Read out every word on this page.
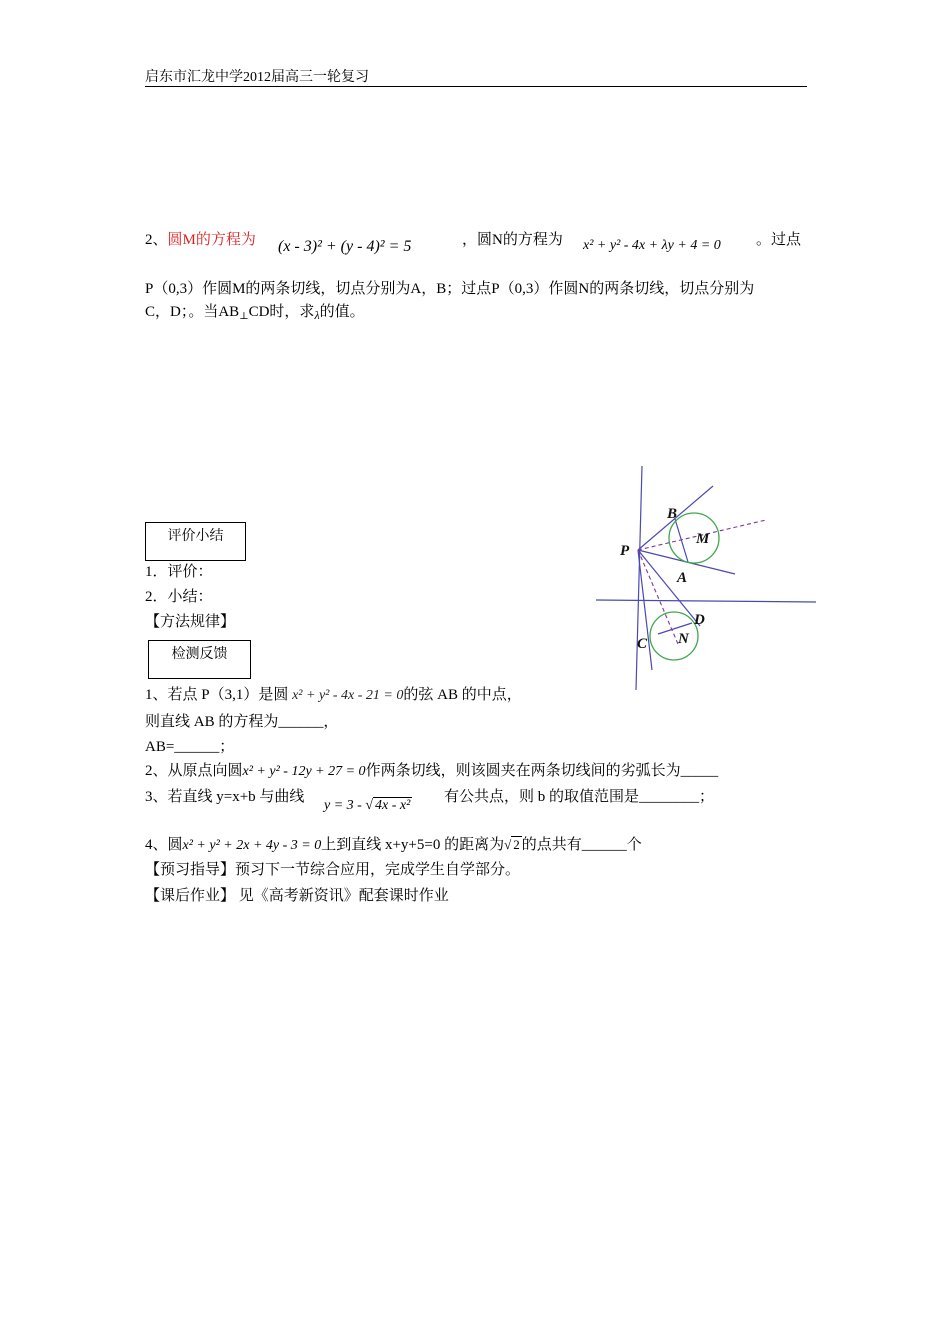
启东市汇龙中学2012届高三一轮复习
2、圆M的方程为 (x - 3)² + (y - 4)² = 5	，圆N的方程为 x² + y² - 4x + λy + 4 = 0 。过点
P（0,3）作圆M的两条切线，切点分别为A，B；过点P（0,3）作圆N的两条切线，切点分别为
C，D；。当$AB_\perp CD$时，求$_\lambda$的值。
P
B
M
A
D
C N
评价小结
1．评价：
2．小结：
【方法规律】
检测反馈
1、若点 P（3,1）是圆 x² + y² - 4x - 21 = 0的弦 AB 的中点，
则直线 AB 的方程为______，
AB=______；
2、从原点向圆x² + y² - 12y + 27 = 0作两条切线，则该圆夹在两条切线间的劣弧长为_____
3、若直线 y=x+b 与曲线
y = 3 - √ 4x - x²
有公共点，则 b 的取值范围是________；
4、圆x² + y² + 2x + 4y - 3 = 0上到直线 x+y+5=0 的距离为√ 2 的点共有______个
【预习指导】预习下一节综合应用，完成学生自学部分。
【课后作业】 见《高考新资讯》配套课时作业
